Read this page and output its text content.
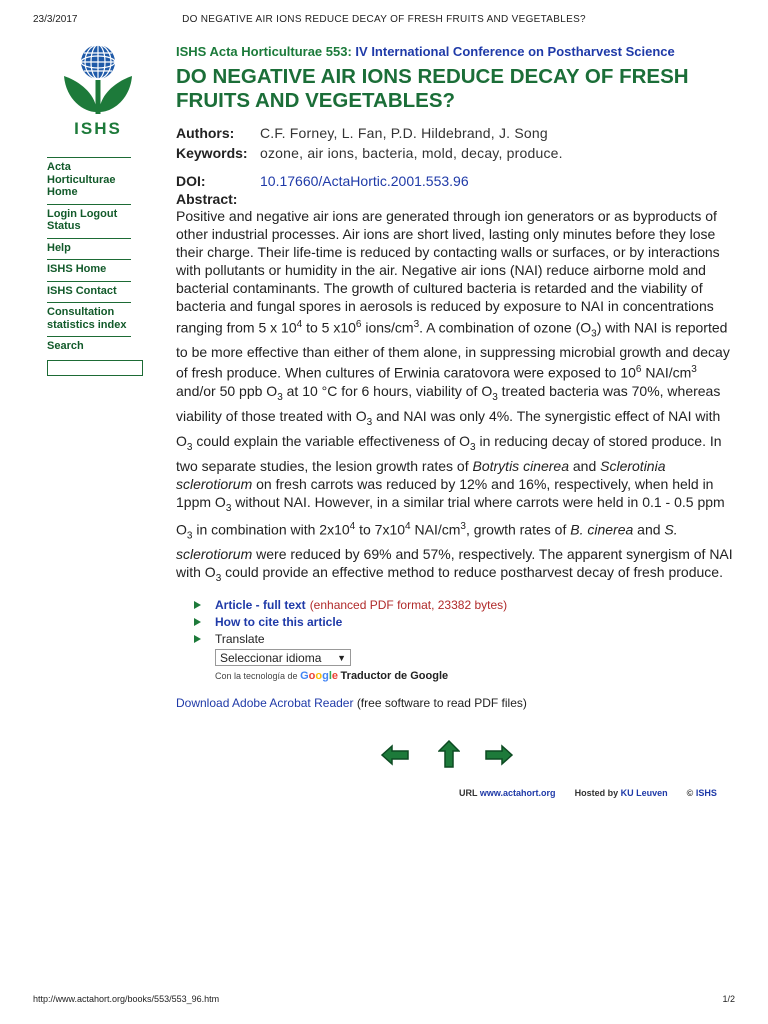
23/3/2017	DO NEGATIVE AIR IONS REDUCE DECAY OF FRESH FRUITS AND VEGETABLES?
ISHS
Acta Horticulturae Home
Login Logout Status
Help
ISHS Home
ISHS Contact
Consultation statistics index
Search
ISHS Acta Horticulturae 553: IV International Conference on Postharvest Science
DO NEGATIVE AIR IONS REDUCE DECAY OF FRESH FRUITS AND VEGETABLES?
Authors: C.F. Forney, L. Fan, P.D. Hildebrand, J. Song
Keywords: ozone, air ions, bacteria, mold, decay, produce.
DOI:	10.17660/ActaHortic.2001.553.96
Abstract:
Positive and negative air ions are generated through ion generators or as byproducts of other industrial processes. Air ions are short lived, lasting only minutes before they lose their charge. Their life-time is reduced by contacting walls or surfaces, or by interactions with pollutants or humidity in the air. Negative air ions (NAI) reduce airborne mold and bacterial contaminants. The growth of cultured bacteria is retarded and the viability of bacteria and fungal spores in aerosols is reduced by exposure to NAI in concentrations ranging from 5 x $10^4$ to 5 $x10^6$ ions/$cm^3$. A combination of ozone $(O_3)$ with NAI is reported to be more effective than either of them alone, in suppressing microbial growth and decay of fresh produce. When cultures of Erwinia caratovora were exposed to $10^6$ NAI/$cm^3$ and/or 50 ppb $O_3$ at 10 °C for 6 hours, viability of $O_3$ treated bacteria was 70%, whereas viability of those treated with $O_3$ and NAI was only 4%. The synergistic effect of NAI with $O_3$ could explain the variable effectiveness of $O_3$ in reducing decay of stored produce. In two separate studies, the lesion growth rates of Botrytis cinerea and Sclerotinia sclerotiorum on fresh carrots was reduced by 12% and 16%, respectively, when held in 1ppm $O_3$ without NAI. However, in a similar trial where carrots were held in 0.1 - 0.5 ppm $O_3$ in combination with $2x10^4$ to $7x10^4$ NAI/$cm^3$, growth rates of B. cinerea and S. sclerotiorum were reduced by 69% and 57%, respectively. The apparent synergism of NAI with $O_3$ could provide an effective method to reduce postharvest decay of fresh produce.
Article - full text (enhanced PDF format, 23382 bytes)
How to cite this article
Translate
Seleccionar idioma ▼
Con la tecnología de Google Traductor de Google
Download Adobe Acrobat Reader (free software to read PDF files)
URL www.actahort.org Hosted by KU Leuven © ISHS
http://www.actahort.org/books/553/553_96.htm	1/2
